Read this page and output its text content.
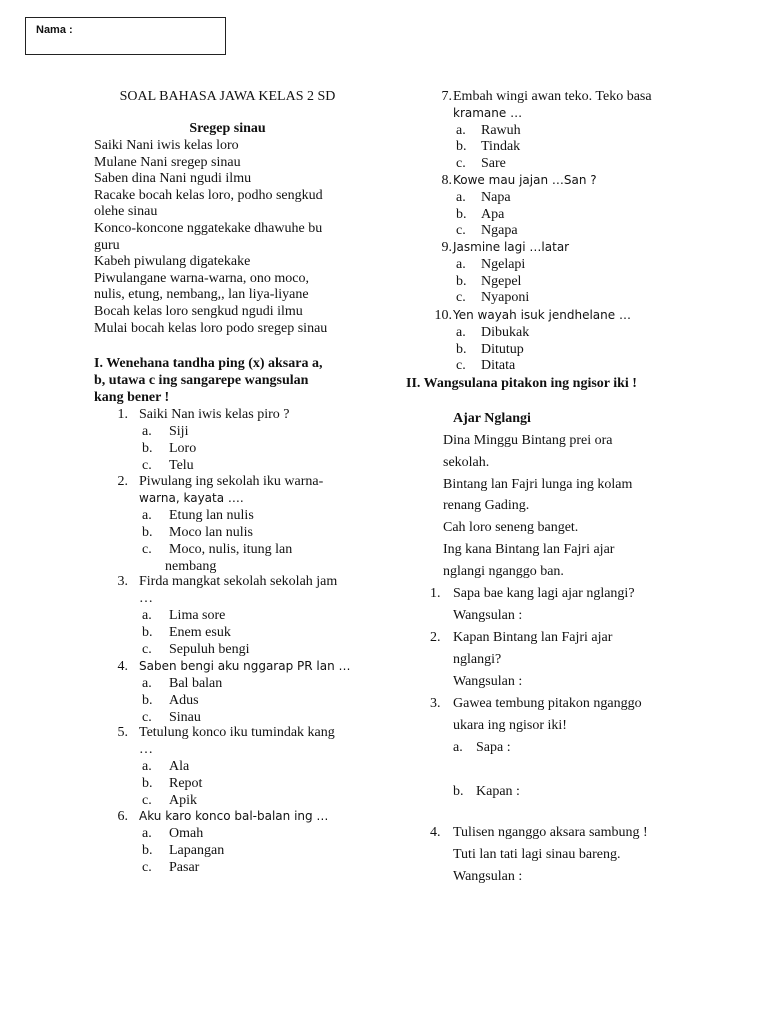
Nama :
SOAL BAHASA JAWA KELAS 2 SD
Sregep sinau
Saiki Nani iwis kelas loro
Mulane Nani sregep sinau
Saben dina Nani ngudi ilmu
Racake bocah kelas loro, podho sengkud
olehe sinau
Konco-koncone nggatekake dhawuhe bu
guru
Kabeh piwulang digatekake
Piwulangane warna-warna, ono moco,
nulis, etung, nembang,, lan liya-liyane
Bocah kelas loro sengkud ngudi ilmu
Mulai bocah kelas loro podo sregep sinau
I. Wenehana tandha ping (x) aksara a,
b, utawa c ing sangarepe wangsulan
kang bener !
1. Saiki Nan iwis kelas piro ?
a. Siji
b. Loro
c. Telu
2. Piwulang ing sekolah iku warna-
warna, kayata ….
a. Etung lan nulis
b. Moco lan nulis
c. Moco, nulis, itung lan
nembang
3. Firda mangkat sekolah sekolah jam
…
a. Lima sore
b. Enem esuk
c. Sepuluh bengi
4. Saben bengi aku nggarap PR lan …
a. Bal balan
b. Adus
c. Sinau
5. Tetulung konco iku tumindak kang
…
a. Ala
b. Repot
c. Apik
6. Aku karo konco bal-balan ing …
a. Omah
b. Lapangan
c. Pasar
7. Embah wingi awan teko. Teko basa
kramane …
a. Rawuh
b. Tindak
c. Sare
8. Kowe mau jajan …San ?
a. Napa
b. Apa
c. Ngapa
9. Jasmine lagi …latar
a. Ngelapi
b. Ngepel
c. Nyaponi
10. Yen wayah isuk jendhelane …
a. Dibukak
b. Ditutup
c. Ditata
II. Wangsulana pitakon ing ngisor iki !
Ajar Nglangi
Dina Minggu Bintang prei ora
sekolah.
Bintang lan Fajri lunga ing kolam
renang Gading.
Cah loro seneng banget.
Ing kana Bintang lan Fajri ajar
nglangi nganggo ban.
1. Sapa bae kang lagi ajar nglangi?
Wangsulan :
2. Kapan Bintang lan Fajri ajar
nglangi?
Wangsulan :
3. Gawea tembung pitakon nganggo
ukara ing ngisor iki!
a. Sapa :
b. Kapan :
4. Tulisen nganggo aksara sambung !
Tuti lan tati lagi sinau bareng.
Wangsulan :
